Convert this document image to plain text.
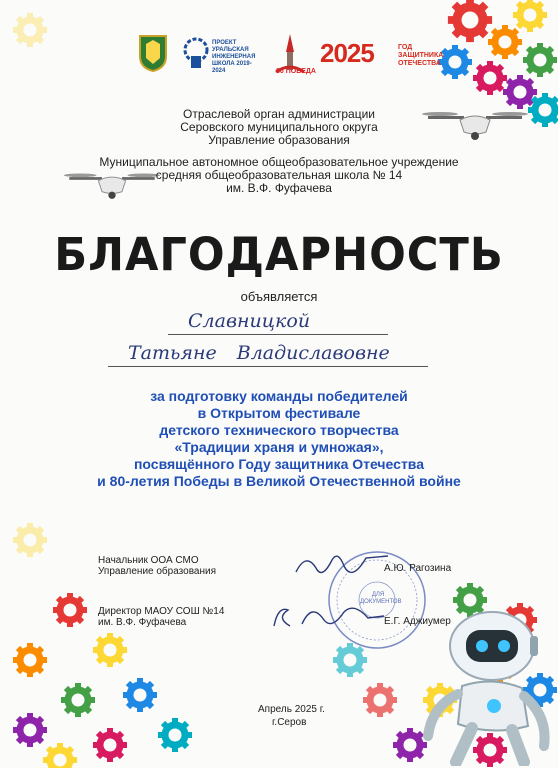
ПРОЕКТ УРАЛЬСКАЯ ИНЖЕНЕРНАЯ ШКОЛА 2019-2024	80 ПОБЕДА
2025	ГОД ЗАЩИТНИКА ОТЕЧЕСТВА
Отраслевой орган администрации
Серовского муниципального округа
Управление образования
Муниципальное автономное общеобразовательное учреждение
средняя общеобразовательная школа № 14
им. В.Ф. Фуфачева
БЛАГОДАРНОСТЬ
объявляется
Славницкой
Татьяне Владиславовне
за подготовку команды победителей
в Открытом фестивале
детского технического творчества
«Традиции храня и умножая»,
посвящённого Году защитника Отечества
и 80-летия Победы в Великой Отечественной войне
ДЛЯ ДОКУМЕНТОВ
Начальник ООА СМО
Управление образования	А.Ю. Рагозина
Директор МАОУ СОШ №14
им. В.Ф. Фуфачева	Е.Г. Аджиумер
Апрель 2025 г.
г.Серов
